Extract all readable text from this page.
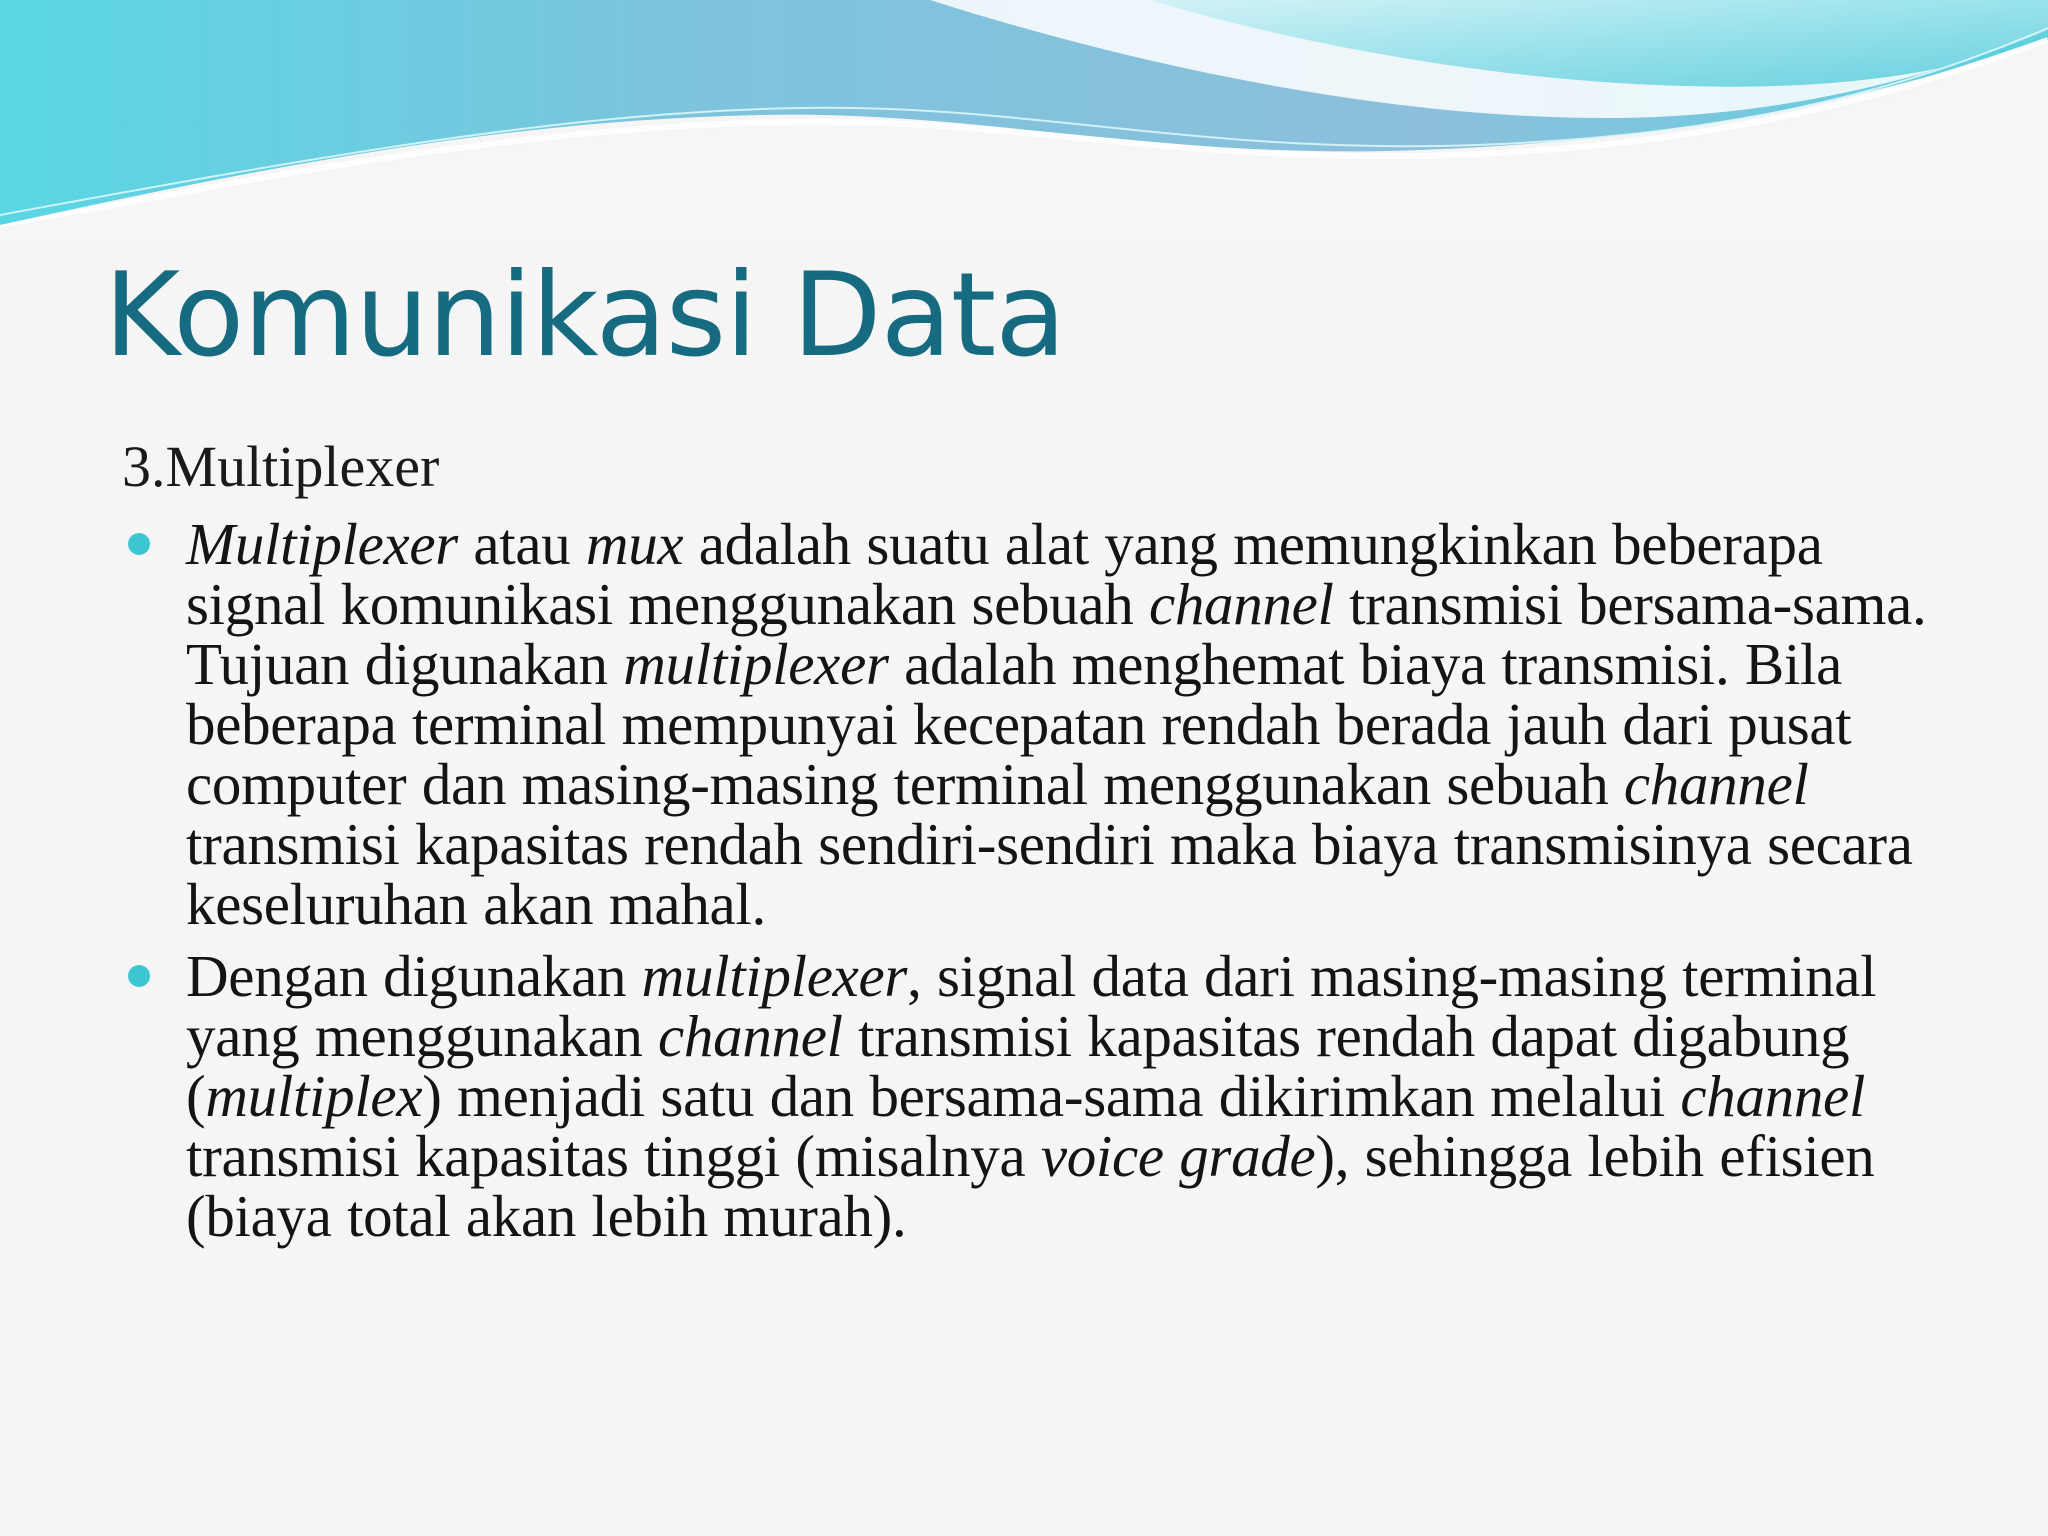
Komunikasi Data

3.Multiplexer

Multiplexer atau mux adalah suatu alat yang memungkinkan beberapa signal komunikasi menggunakan sebuah channel transmisi bersama-sama. Tujuan digunakan multiplexer adalah menghemat biaya transmisi. Bila beberapa terminal mempunyai kecepatan rendah berada jauh dari pusat computer dan masing-masing terminal menggunakan sebuah channel transmisi kapasitas rendah sendiri-sendiri maka biaya transmisinya secara keseluruhan akan mahal.
Dengan digunakan multiplexer, signal data dari masing-masing terminal yang menggunakan channel transmisi kapasitas rendah dapat digabung (multiplex) menjadi satu dan bersama-sama dikirimkan melalui channel transmisi kapasitas tinggi (misalnya voice grade), sehingga lebih efisien (biaya total akan lebih murah).
